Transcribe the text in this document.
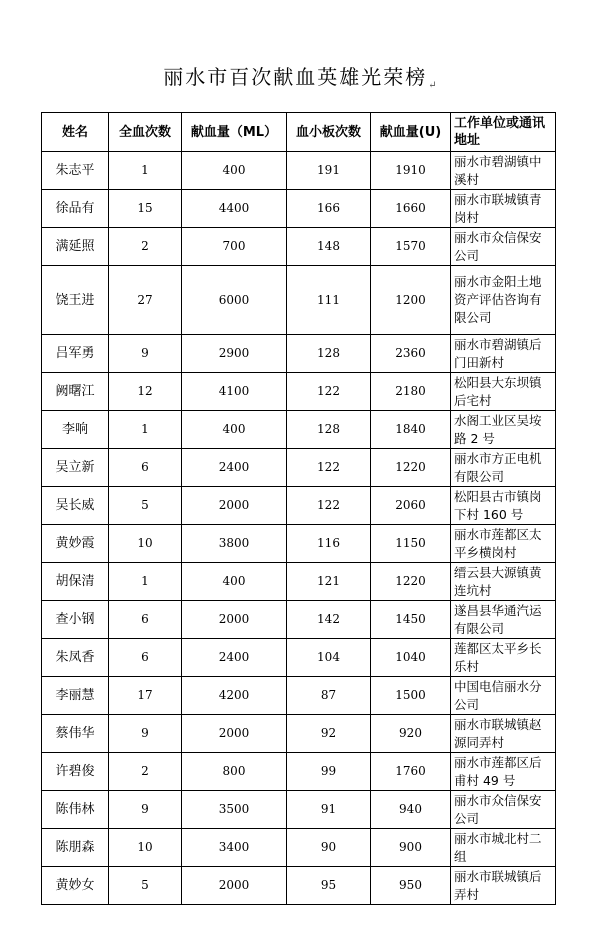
丽水市百次献血英雄光荣榜$_↵$
姓名	全血次数	献血量（ML）	血小板次数	献血量(U)	工作单位或通讯地址
朱志平	1	400	191	1910	丽水市碧湖镇中溪村
徐品有	15	4400	166	1660	丽水市联城镇青岗村
满延照	2	700	148	1570	丽水市众信保安公司
饶王进	27	6000	111	1200	丽水市金阳土地资产评估咨询有限公司
吕军勇	9	2900	128	2360	丽水市碧湖镇后门田新村
阙曙江	12	4100	122	2180	松阳县大东坝镇后宅村
李响	1	400	128	1840	水阁工业区吴垵路 2 号
吴立新	6	2400	122	1220	丽水市方正电机有限公司
吴长威	5	2000	122	2060	松阳县古市镇岗下村 160 号
黄妙霞	10	3800	116	1150	丽水市莲都区太平乡横岗村
胡保清	1	400	121	1220	缙云县大源镇黄连坑村
查小钢	6	2000	142	1450	遂昌县华通汽运有限公司
朱凤香	6	2400	104	1040	莲都区太平乡长乐村
李丽慧	17	4200	87	1500	中国电信丽水分公司
蔡伟华	9	2000	92	920	丽水市联城镇赵源同弄村
许碧俊	2	800	99	1760	丽水市莲都区后甫村 49 号
陈伟林	9	3500	91	940	丽水市众信保安公司
陈朋森	10	3400	90	900	丽水市城北村二组
黄妙女	5	2000	95	950	丽水市联城镇后弄村
